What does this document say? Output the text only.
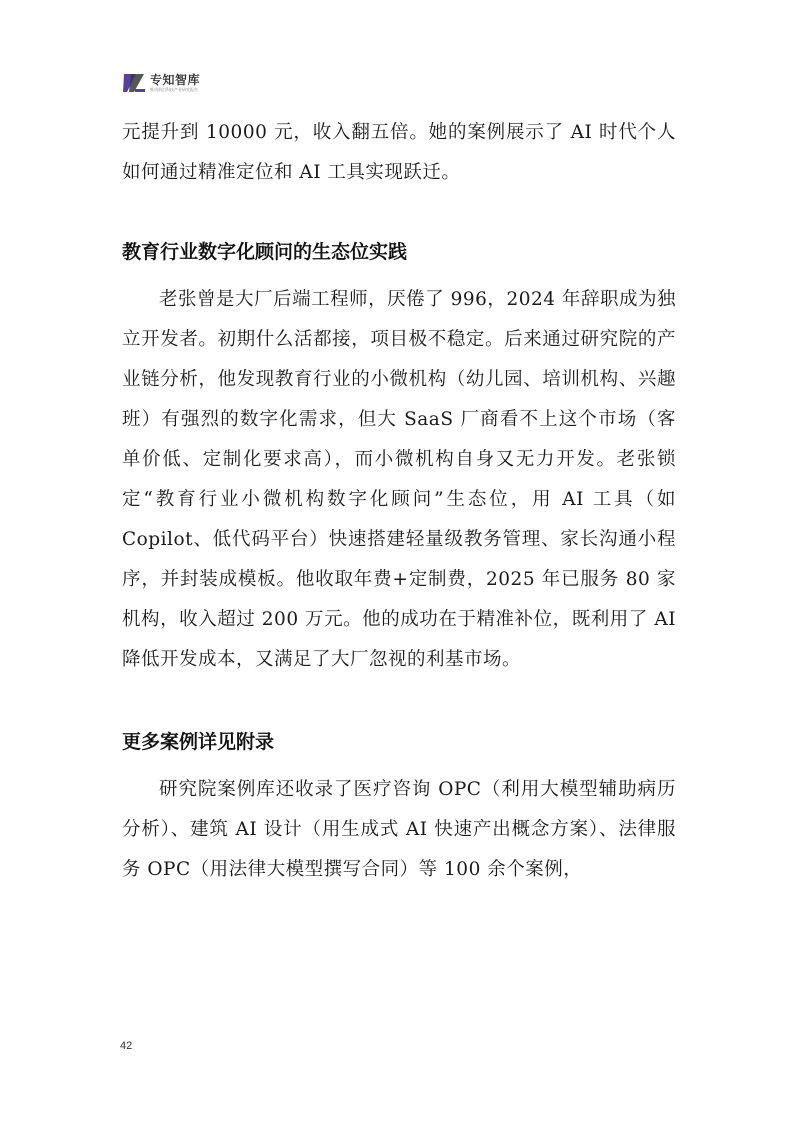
专知智库
推动前沿科技产业研究报告

元提升到 10000 元，收入翻五倍。她的案例展示了 AI 时代个人如何通过精准定位和 AI 工具实现跃迁。

教育行业数字化顾问的生态位实践

老张曾是大厂后端工程师，厌倦了 996，2024 年辞职成为独立开发者。初期什么活都接，项目极不稳定。后来通过研究院的产业链分析，他发现教育行业的小微机构（幼儿园、培训机构、兴趣班）有强烈的数字化需求，但大 SaaS 厂商看不上这个市场（客单价低、定制化要求高），而小微机构自身又无力开发。老张锁定“教育行业小微机构数字化顾问”生态位，用 AI 工具（如 Copilot、低代码平台）快速搭建轻量级教务管理、家长沟通小程序，并封装成模板。他收取年费+定制费，2025 年已服务 80 家机构，收入超过 200 万元。他的成功在于精准补位，既利用了 AI 降低开发成本，又满足了大厂忽视的利基市场。

更多案例详见附录

研究院案例库还收录了医疗咨询 OPC（利用大模型辅助病历分析）、建筑 AI 设计（用生成式 AI 快速产出概念方案）、法律服务 OPC（用法律大模型撰写合同）等 100 余个案例，

42
